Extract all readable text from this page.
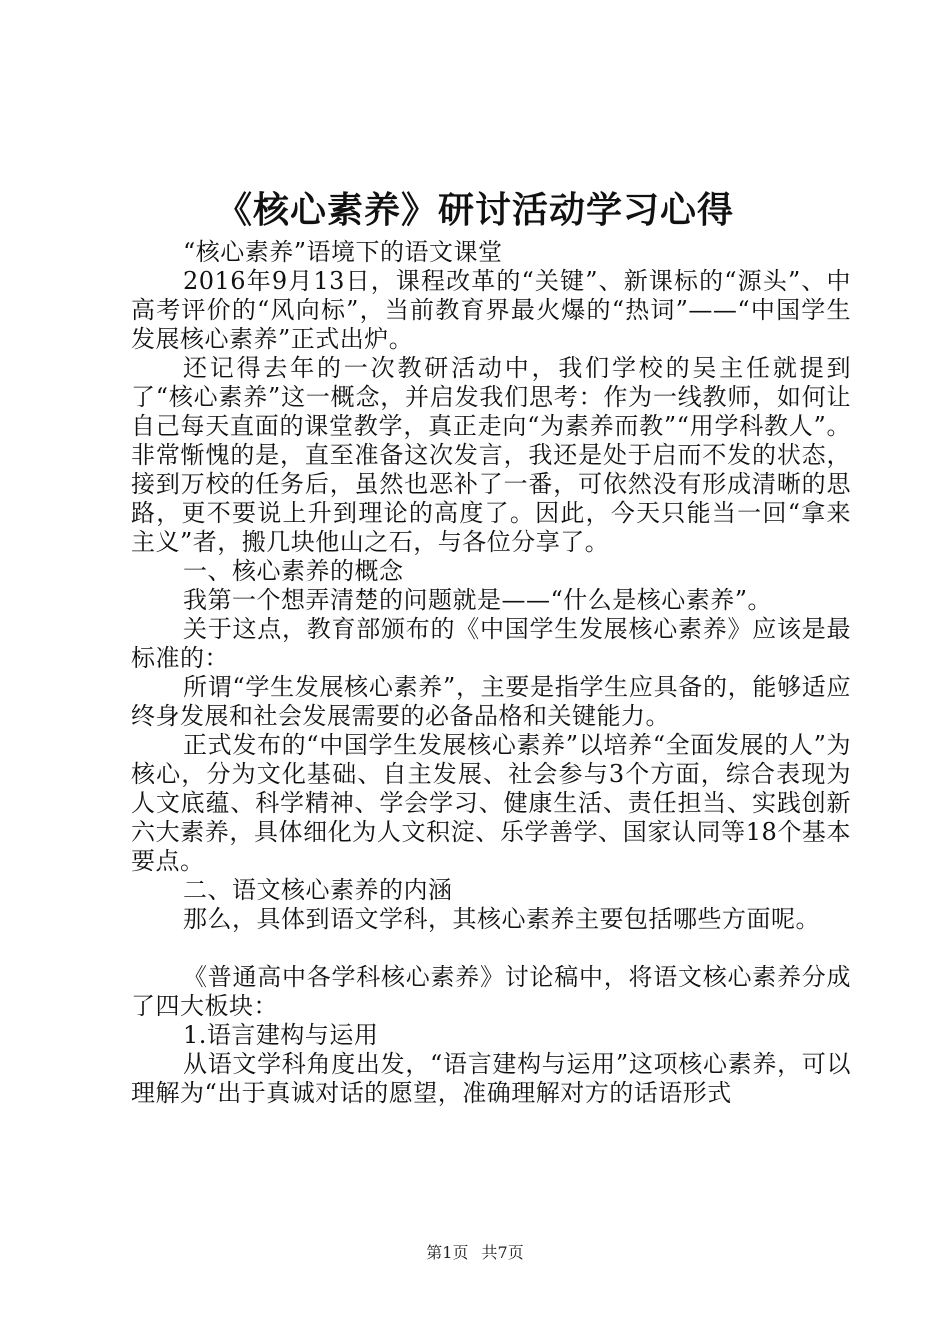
《核心素养》研讨活动学习心得

“核心素养”语境下的语文课堂

2016年9月13日，课程改革的“关键”、新课标的“源头”、中高考评价的“风向标”，当前教育界最火爆的“热词”——“中国学生发展核心素养”正式出炉。

还记得去年的一次教研活动中，我们学校的吴主任就提到了“核心素养”这一概念，并启发我们思考：作为一线教师，如何让自己每天直面的课堂教学，真正走向“为素养而教”“用学科教人”。非常惭愧的是，直至准备这次发言，我还是处于启而不发的状态，接到万校的任务后，虽然也恶补了一番，可依然没有形成清晰的思路，更不要说上升到理论的高度了。因此，今天只能当一回“拿来主义”者，搬几块他山之石，与各位分享了。

一、核心素养的概念

我第一个想弄清楚的问题就是——“什么是核心素养”。

关于这点，教育部颁布的《中国学生发展核心素养》应该是最标准的：

所谓“学生发展核心素养”，主要是指学生应具备的，能够适应终身发展和社会发展需要的必备品格和关键能力。

正式发布的“中国学生发展核心素养”以培养“全面发展的人”为核心，分为文化基础、自主发展、社会参与3个方面，综合表现为人文底蕴、科学精神、学会学习、健康生活、责任担当、实践创新六大素养，具体细化为人文积淀、乐学善学、国家认同等18个基本要点。

二、语文核心素养的内涵

那么，具体到语文学科，其核心素养主要包括哪些方面呢。

《普通高中各学科核心素养》讨论稿中，将语文核心素养分成了四大板块：

1.语言建构与运用

从语文学科角度出发，“语言建构与运用”这项核心素养，可以理解为“出于真诚对话的愿望，准确理解对方的话语形式

第1页 共7页
